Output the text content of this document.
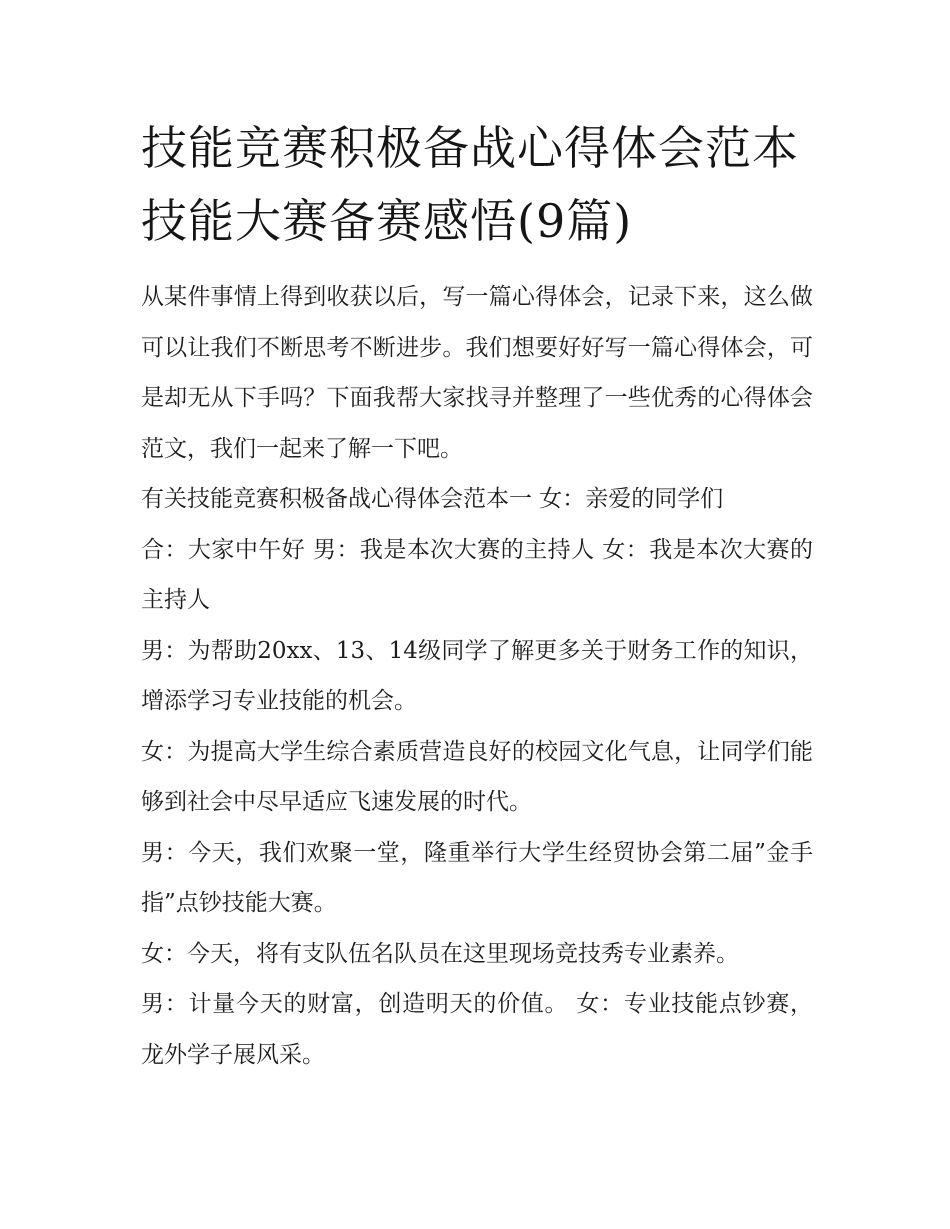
技能竞赛积极备战心得体会范本 技能大赛备赛感悟(9篇)

从某件事情上得到收获以后，写一篇心得体会，记录下来，这么做可以让我们不断思考不断进步。我们想要好好写一篇心得体会，可是却无从下手吗？下面我帮大家找寻并整理了一些优秀的心得体会范文，我们一起来了解一下吧。

有关技能竞赛积极备战心得体会范本一 女：亲爱的同学们

合：大家中午好 男：我是本次大赛的主持人 女：我是本次大赛的主持人

男：为帮助20xx、13、14级同学了解更多关于财务工作的知识，增添学习专业技能的机会。

女：为提高大学生综合素质营造良好的校园文化气息，让同学们能够到社会中尽早适应飞速发展的时代。

男：今天，我们欢聚一堂，隆重举行大学生经贸协会第二届”金手指”点钞技能大赛。

女：今天，将有支队伍名队员在这里现场竞技秀专业素养。

男：计量今天的财富，创造明天的价值。 女：专业技能点钞赛，龙外学子展风采。
